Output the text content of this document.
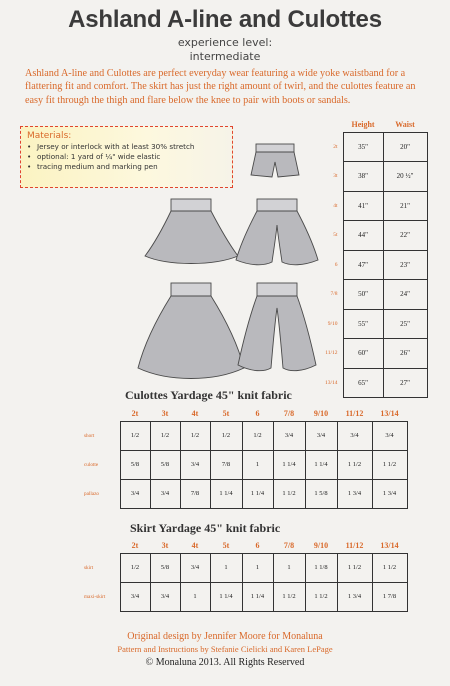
Ashland A-line and Culottes
experience level:
intermediate
Ashland A-line and Culottes are perfect everyday wear featuring a wide yoke waistband for a flattering fit and comfort. The skirt has just the right amount of twirl, and the culottes feature an easy fit through the thigh and flare below the knee to pair with boots or sandals.
Materials:
• Jersey or interlock with at least 30% stretch
• optional: 1 yard of ¼" wide elastic
• tracing medium and marking pen
	Height	Waist
2t	35"	20"
3t	38"	20 ½"
4t	41"	21"
5t	44"	22"
6	47"	23"
7/8	50"	24"
9/10	55"	25"
11/12	60"	26"
13/14	65"	27"
Culottes Yardage 45" knit fabric
	2t	3t	4t	5t	6	7/8	9/10	11/12	13/14
short	1/2	1/2	1/2	1/2	1/2	3/4	3/4	3/4	3/4
culotte	5/8	5/8	3/4	7/8	1	1 1/4	1 1/4	1 1/2	1 1/2
pallazo	3/4	3/4	7/8	1 1/4	1 1/4	1 1/2	1 5/8	1 3/4	1 3/4
Skirt Yardage 45" knit fabric
	2t	3t	4t	5t	6	7/8	9/10	11/12	13/14
skirt	1/2	5/8	3/4	1	1	1	1 1/8	1 1/2	1 1/2
maxi-skirt	3/4	3/4	1	1 1/4	1 1/4	1 1/2	1 1/2	1 3/4	1 7/8
Original design by Jennifer Moore for Monaluna
Pattern and Instructions by Stefanie Cielicki and Karen LePage
© Monaluna 2013. All Rights Reserved
